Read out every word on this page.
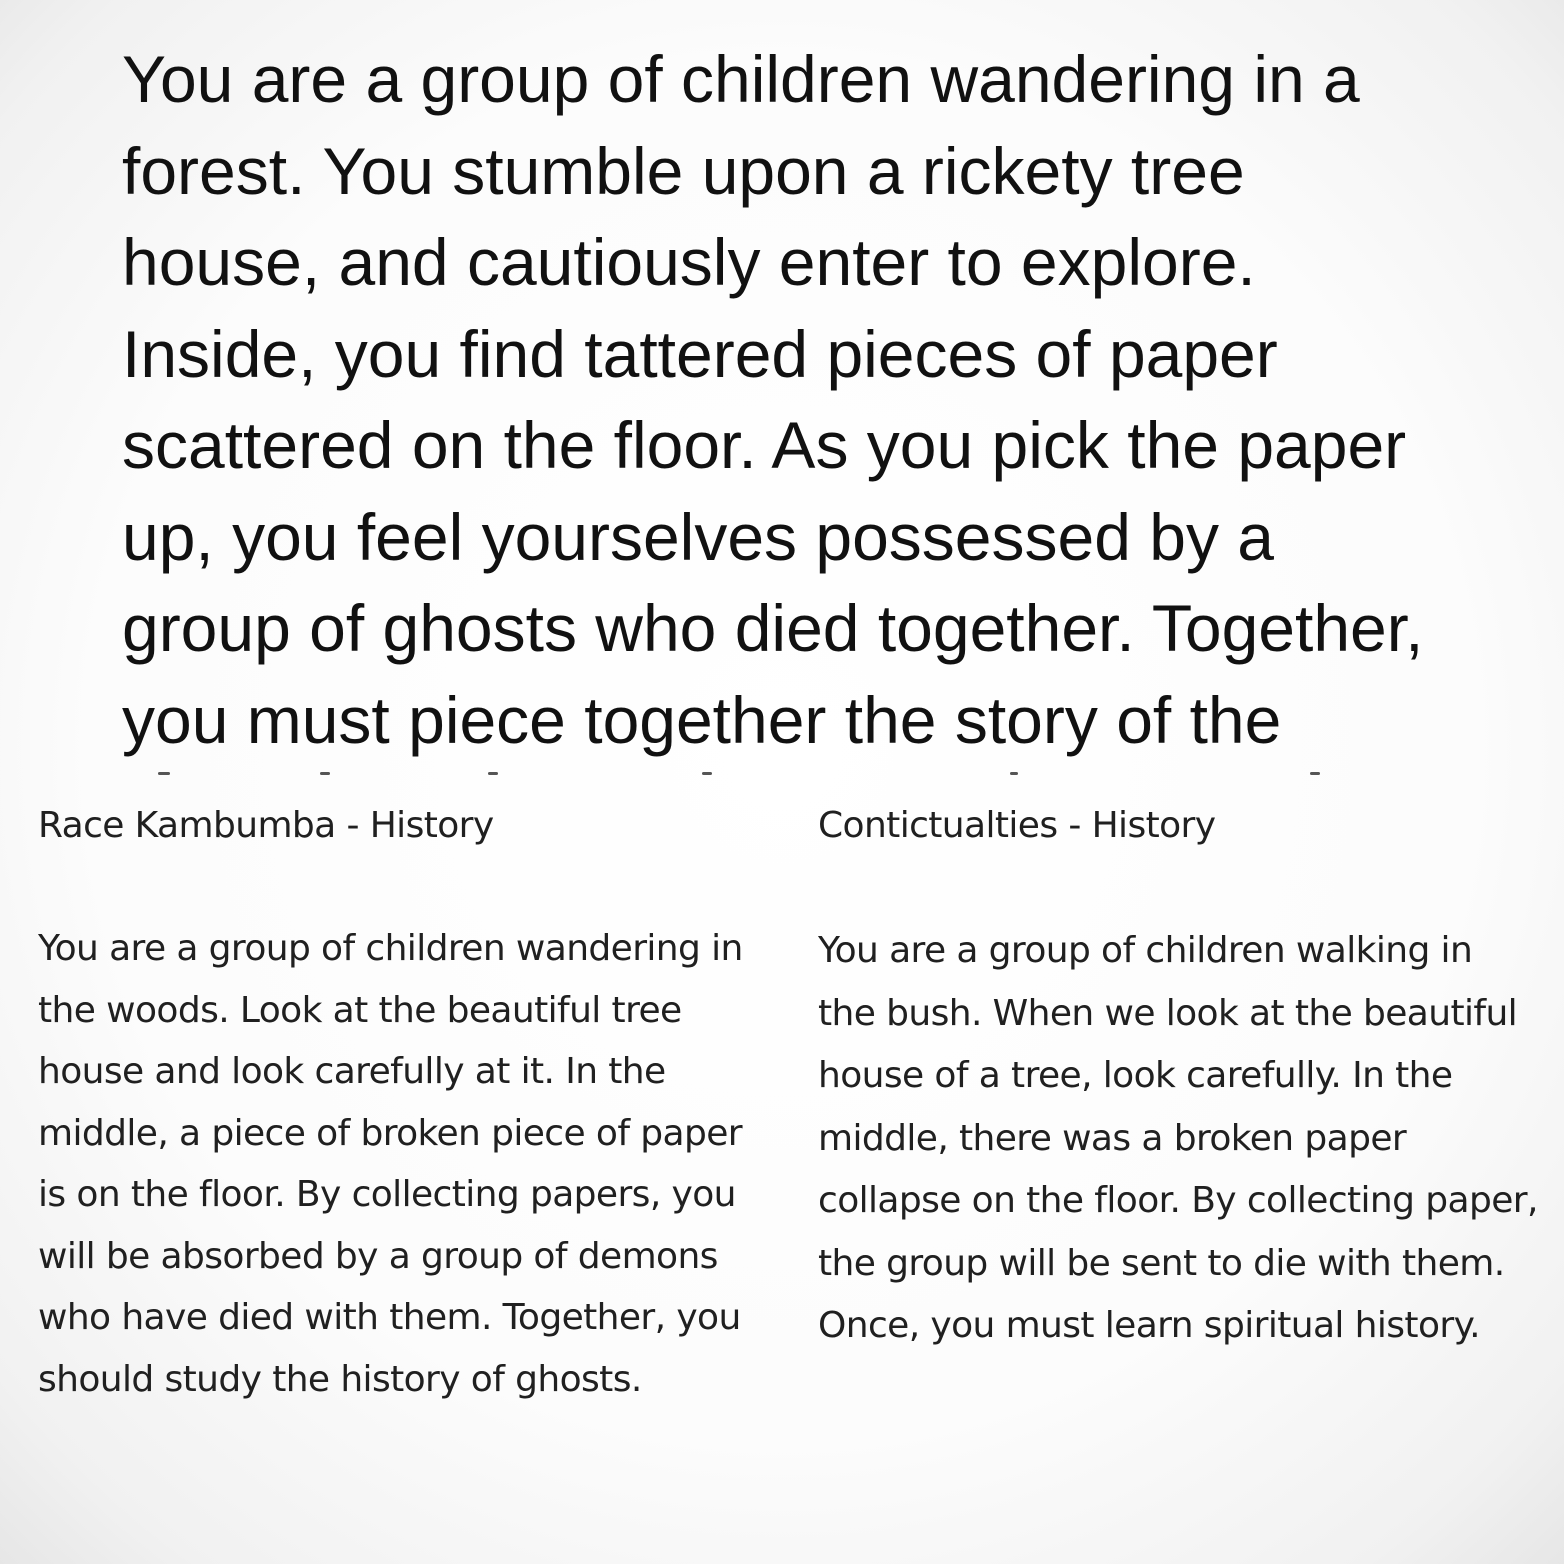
You are a group of children wandering in a forest. You stumble upon a rickety tree house, and cautiously enter to explore. Inside, you find tattered pieces of paper scattered on the floor. As you pick the paper up, you feel yourselves possessed by a group of ghosts who died together. Together, you must piece together the story of the

Race Kambumba - History

You are a group of children wandering in the woods. Look at the beautiful tree house and look carefully at it. In the middle, a piece of broken piece of paper is on the floor. By collecting papers, you will be absorbed by a group of demons who have died with them. Together, you should study the history of ghosts.

Contictualties - History

You are a group of children walking in the bush. When we look at the beautiful house of a tree, look carefully. In the middle, there was a broken paper collapse on the floor. By collecting paper, the group will be sent to die with them. Once, you must learn spiritual history.
